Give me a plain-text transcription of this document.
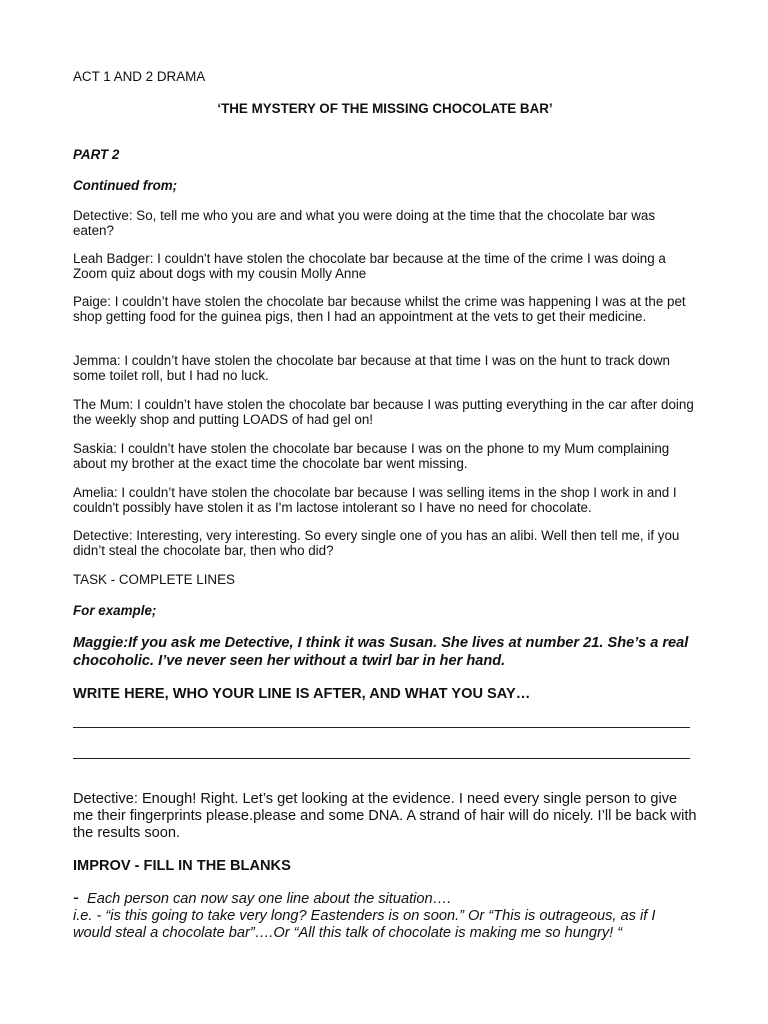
ACT 1 AND 2 DRAMA
‘THE MYSTERY OF THE MISSING CHOCOLATE BAR’
PART 2
Continued from;
Detective: So, tell me who you are and what you were doing at the time that the chocolate bar was eaten?
Leah Badger: I couldn't have stolen the chocolate bar because at the time of the crime I was doing a Zoom quiz about dogs with my cousin Molly Anne
Paige: I couldn’t have stolen the chocolate bar because whilst the crime was happening I was at the pet shop getting food for the guinea pigs, then I had an appointment at the vets to get their medicine.
Jemma: I couldn’t have stolen the chocolate bar because at that time I was on the hunt to track down some toilet roll, but I had no luck.
The Mum: I couldn’t have stolen the chocolate bar because I was putting everything in the car after doing the weekly shop and putting LOADS of had gel on!
Saskia: I couldn’t have stolen the chocolate bar because I was on the phone to my Mum complaining about my brother at the exact time the chocolate bar went missing.
Amelia: I couldn’t have stolen the chocolate bar because I was selling items in the shop I work in and I couldn't possibly have stolen it as I'm lactose intolerant so I have no need for chocolate.
Detective: Interesting, very interesting. So every single one of you has an alibi. Well then tell me, if you didn’t steal the chocolate bar, then who did?
TASK - COMPLETE LINES
For example;
Maggie:If you ask me Detective, I think it was Susan. She lives at number 21. She’s a real chocoholic. I’ve never seen her without a twirl bar in her hand.
WRITE HERE, WHO YOUR LINE IS AFTER, AND WHAT YOU SAY…
Detective: Enough! Right. Let’s get looking at the evidence. I need every single person to give me their fingerprints please.please and some DNA. A strand of hair will do nicely. I’ll be back with the results soon.
IMPROV - FILL IN THE BLANKS
- Each person can now say one line about the situation….
i.e. - “is this going to take very long? Eastenders is on soon.” Or “This is outrageous, as if I would steal a chocolate bar”….Or “All this talk of chocolate is making me so hungry! “
